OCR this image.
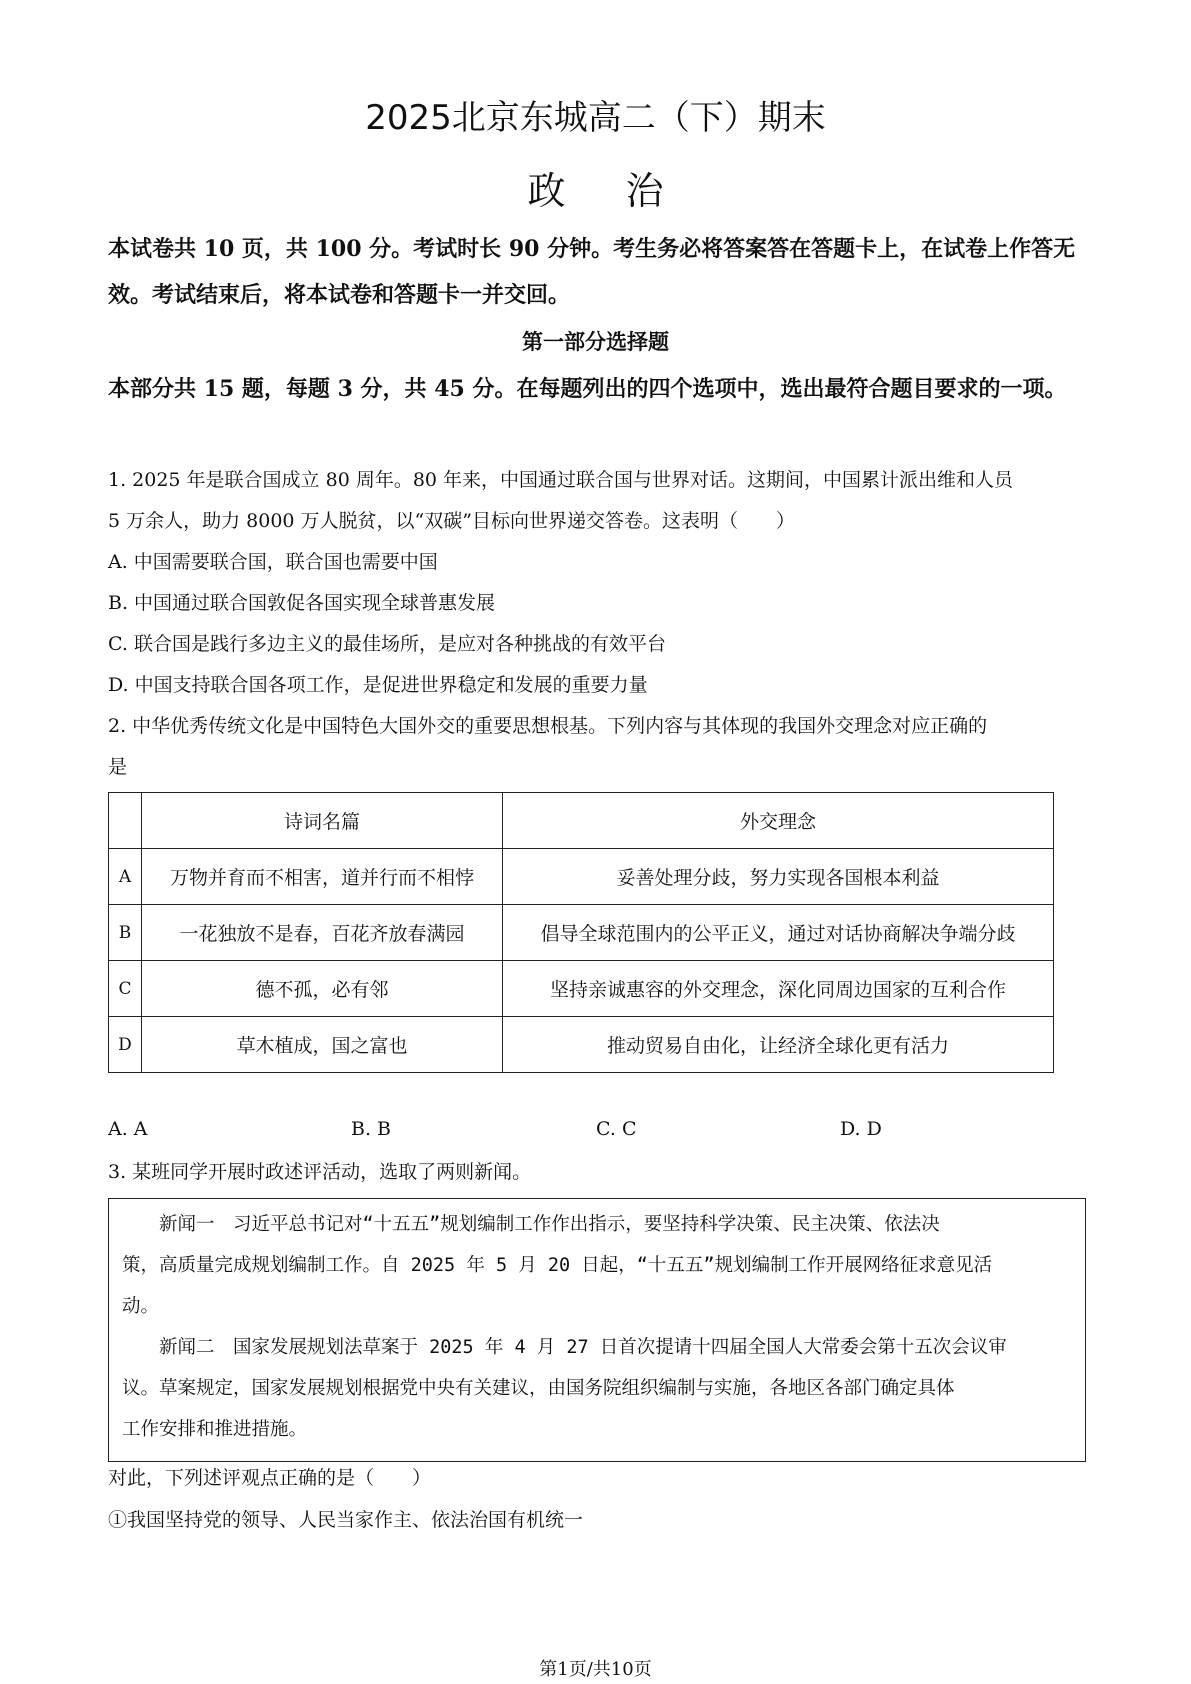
2025北京东城高二（下）期末
政治
本试卷共 10 页，共 100 分。考试时长 90 分钟。考生务必将答案答在答题卡上，在试卷上作答无效。考试结束后，将本试卷和答题卡一并交回。
第一部分选择题
本部分共 15 题，每题 3 分，共 45 分。在每题列出的四个选项中，选出最符合题目要求的一项。
1. 2025 年是联合国成立 80 周年。80 年来，中国通过联合国与世界对话。这期间，中国累计派出维和人员
5 万余人，助力 8000 万人脱贫，以“双碳”目标向世界递交答卷。这表明（　　）
A. 中国需要联合国，联合国也需要中国
B. 中国通过联合国敦促各国实现全球普惠发展
C. 联合国是践行多边主义的最佳场所，是应对各种挑战的有效平台
D. 中国支持联合国各项工作，是促进世界稳定和发展的重要力量
2. 中华优秀传统文化是中国特色大国外交的重要思想根基。下列内容与其体现的我国外交理念对应正确的
是
	诗词名篇	外交理念
A	万物并育而不相害，道并行而不相悖	妥善处理分歧，努力实现各国根本利益
B	一花独放不是春，百花齐放春满园	倡导全球范围内的公平正义，通过对话协商解决争端分歧
C	德不孤，必有邻	坚持亲诚惠容的外交理念，深化同周边国家的互利合作
D	草木植成，国之富也	推动贸易自由化，让经济全球化更有活力
A. A	B. B	C. C	D. D
3. 某班同学开展时政述评活动，选取了两则新闻。
　　新闻一　习近平总书记对“十五五”规划编制工作作出指示，要坚持科学决策、民主决策、依法决
策，高质量完成规划编制工作。自 2025 年 5 月 20 日起，“十五五”规划编制工作开展网络征求意见活
动。
　　新闻二　国家发展规划法草案于 2025 年 4 月 27 日首次提请十四届全国人大常委会第十五次会议审
议。草案规定，国家发展规划根据党中央有关建议，由国务院组织编制与实施，各地区各部门确定具体
工作安排和推进措施。
对此，下列述评观点正确的是（　　）
①我国坚持党的领导、人民当家作主、依法治国有机统一
第1页/共10页
